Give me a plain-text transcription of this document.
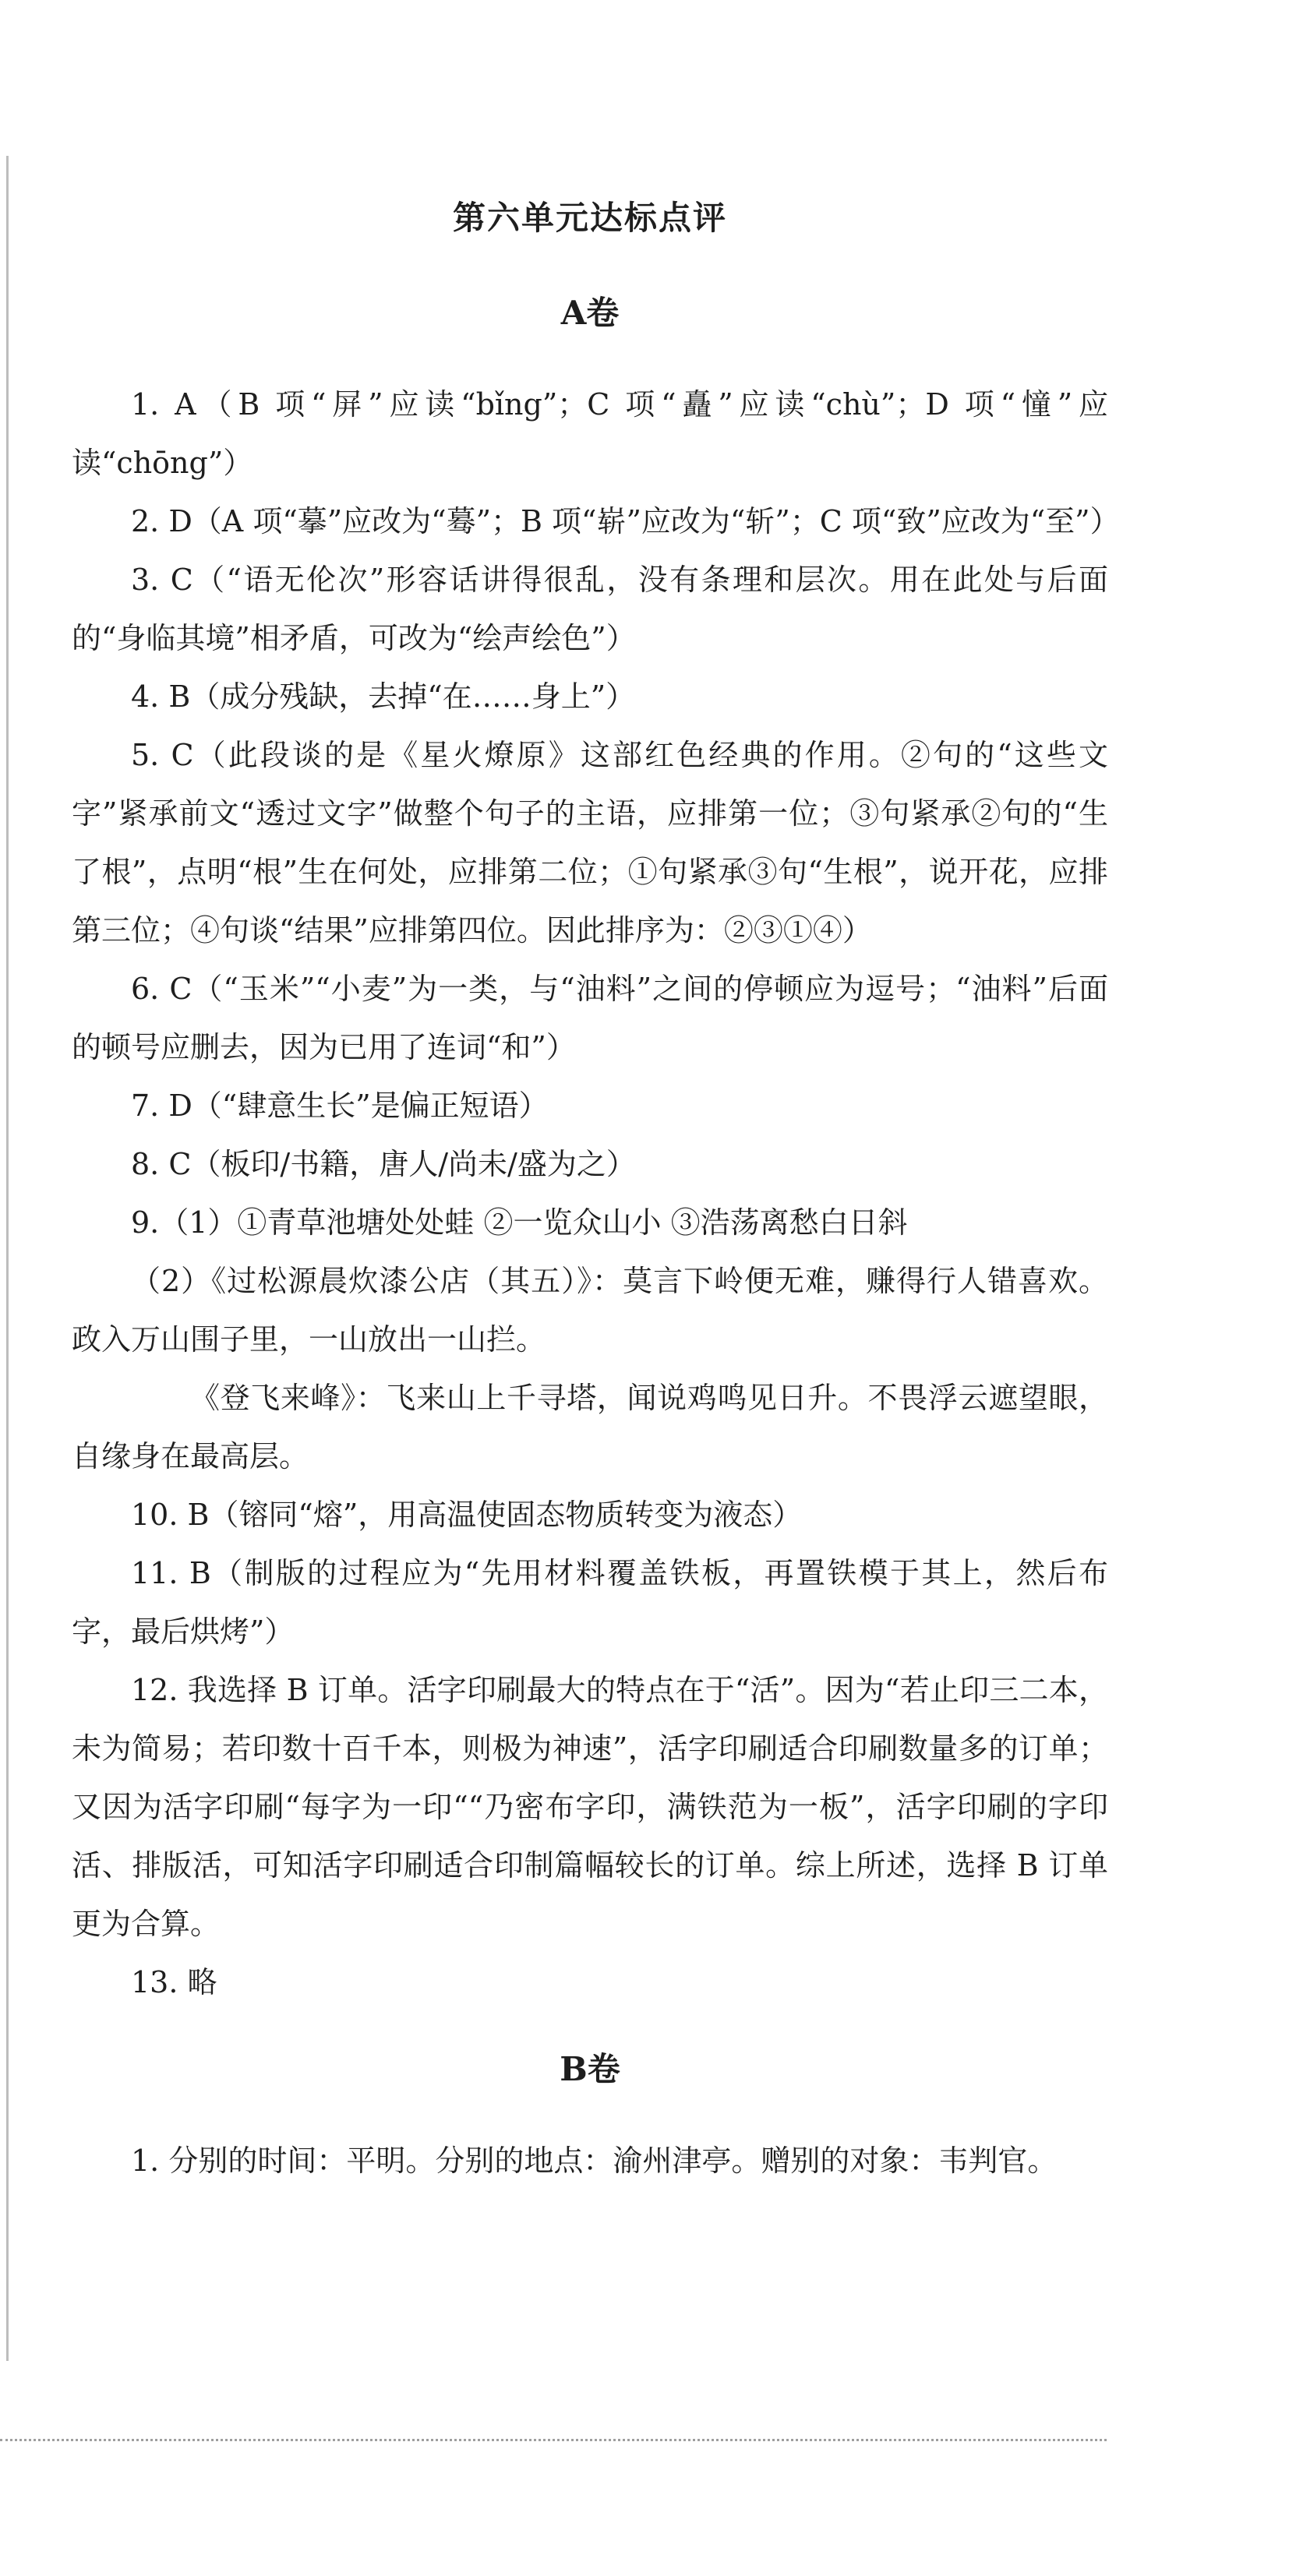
第六单元达标点评
A卷

1. A（B 项“屏”应读“bǐng”；C 项“矗”应读“chù”；D 项“憧”应读“chōng”）

2. D（A 项“摹”应改为“蓦”；B 项“崭”应改为“斩”；C 项“致”应改为“至”）

3. C（“语无伦次”形容话讲得很乱，没有条理和层次。用在此处与后面的“身临其境”相矛盾，可改为“绘声绘色”）

4. B（成分残缺，去掉“在……身上”）

5. C（此段谈的是《星火燎原》这部红色经典的作用。②句的“这些文字”紧承前文“透过文字”做整个句子的主语，应排第一位；③句紧承②句的“生了根”，点明“根”生在何处，应排第二位；①句紧承③句“生根”，说开花，应排第三位；④句谈“结果”应排第四位。因此排序为：②③①④）

6. C（“玉米”“小麦”为一类，与“油料”之间的停顿应为逗号；“油料”后面的顿号应删去，因为已用了连词“和”）

7. D（“肆意生长”是偏正短语）

8. C（板印/书籍，唐人/尚未/盛为之）

9.（1）①青草池塘处处蛙 ②一览众山小 ③浩荡离愁白日斜

（2）《过松源晨炊漆公店（其五）》：莫言下岭便无难，赚得行人错喜欢。政入万山围子里，一山放出一山拦。

《登飞来峰》：飞来山上千寻塔，闻说鸡鸣见日升。不畏浮云遮望眼，自缘身在最高层。

10. B（镕同“熔”，用高温使固态物质转变为液态）

11. B（制版的过程应为“先用材料覆盖铁板，再置铁模于其上，然后布字，最后烘烤”）

12. 我选择 B 订单。活字印刷最大的特点在于“活”。因为“若止印三二本，未为简易；若印数十百千本，则极为神速”，活字印刷适合印刷数量多的订单；又因为活字印刷“每字为一印““乃密布字印，满铁范为一板”，活字印刷的字印活、排版活，可知活字印刷适合印制篇幅较长的订单。综上所述，选择 B 订单更为合算。

13. 略

B卷

1. 分别的时间：平明。分别的地点：渝州津亭。赠别的对象：韦判官。
